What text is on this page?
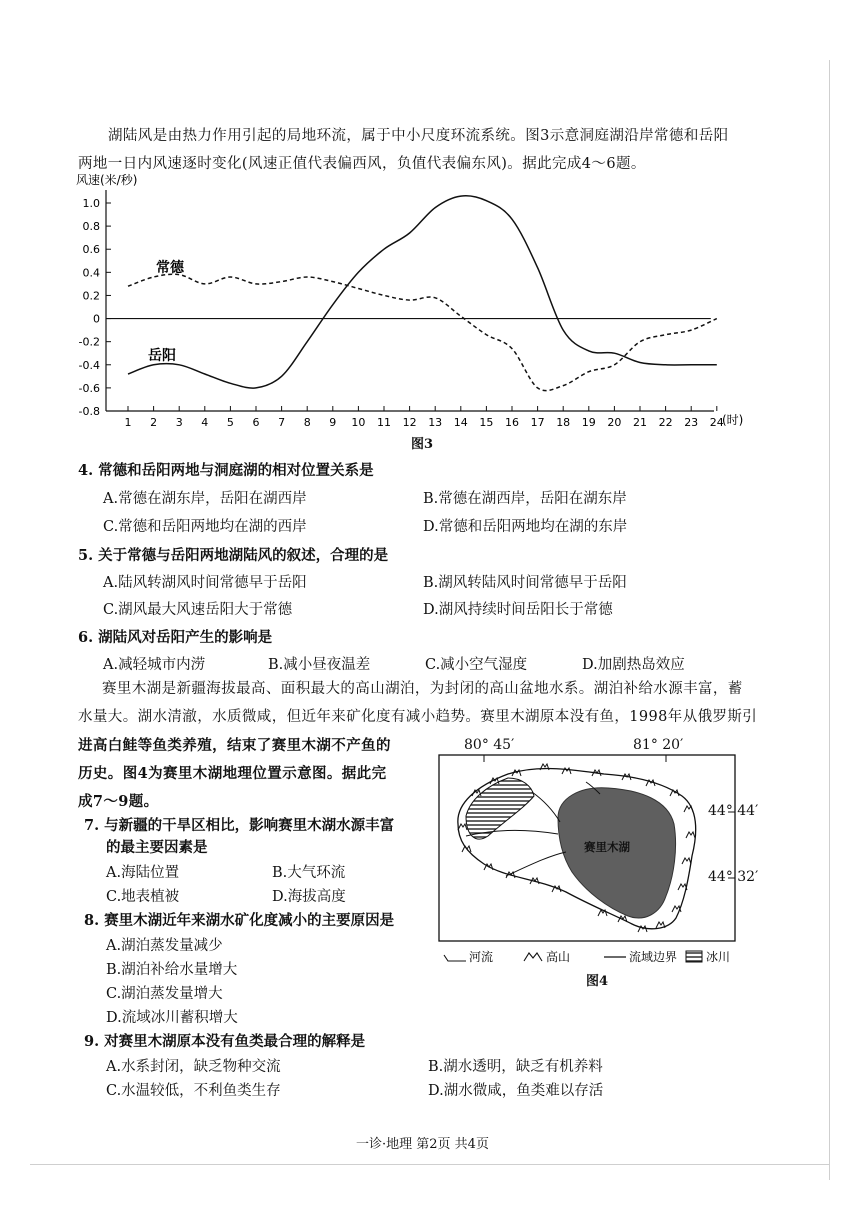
湖陆风是由热力作用引起的局地环流，属于中小尺度环流系统。图3示意洞庭湖沿岸常德和岳阳
两地一日内风速逐时变化(风速正值代表偏西风，负值代表偏东风)。据此完成4～6题。
风速(米/秒)
1.0
0.8
0.6
0.4
0.2
0
-0.2
-0.4
-0.6
-0.8
1 2 3 4 5 6 7 8 9 10 11 12 13 14 15 16 17 18 19 20 21 22 23 24
(时)
常德
岳阳
图3
4. 常德和岳阳两地与洞庭湖的相对位置关系是
A.常德在湖东岸，岳阳在湖西岸	B.常德在湖西岸，岳阳在湖东岸
C.常德和岳阳两地均在湖的西岸	D.常德和岳阳两地均在湖的东岸
5. 关于常德与岳阳两地湖陆风的叙述，合理的是
A.陆风转湖风时间常德早于岳阳	B.湖风转陆风时间常德早于岳阳
C.湖风最大风速岳阳大于常德	D.湖风持续时间岳阳长于常德
6. 湖陆风对岳阳产生的影响是
A.减轻城市内涝	B.减小昼夜温差	C.减小空气湿度	D.加剧热岛效应
赛里木湖是新疆海拔最高、面积最大的高山湖泊，为封闭的高山盆地水系。湖泊补给水源丰富，蓄
水量大。湖水清澈，水质微咸，但近年来矿化度有减小趋势。赛里木湖原本没有鱼，1998年从俄罗斯引
进高白鲑等鱼类养殖，结束了赛里木湖不产鱼的
历史。图4为赛里木湖地理位置示意图。据此完
成7～9题。
80° 45′	81° 20′
赛里木湖
河流	高山	流域边界 冰川
44° 44′
44° 32′
图4
7. 与新疆的干旱区相比，影响赛里木湖水源丰富
的最主要因素是
A.海陆位置	B.大气环流
C.地表植被	D.海拔高度
8. 赛里木湖近年来湖水矿化度减小的主要原因是
A.湖泊蒸发量减少
B.湖泊补给水量增大
C.湖泊蒸发量增大
D.流域冰川蓄积增大
9. 对赛里木湖原本没有鱼类最合理的解释是
A.水系封闭，缺乏物种交流	B.湖水透明，缺乏有机养料
C.水温较低，不利鱼类生存	D.湖水微咸，鱼类难以存活
一诊·地理 第2页 共4页
